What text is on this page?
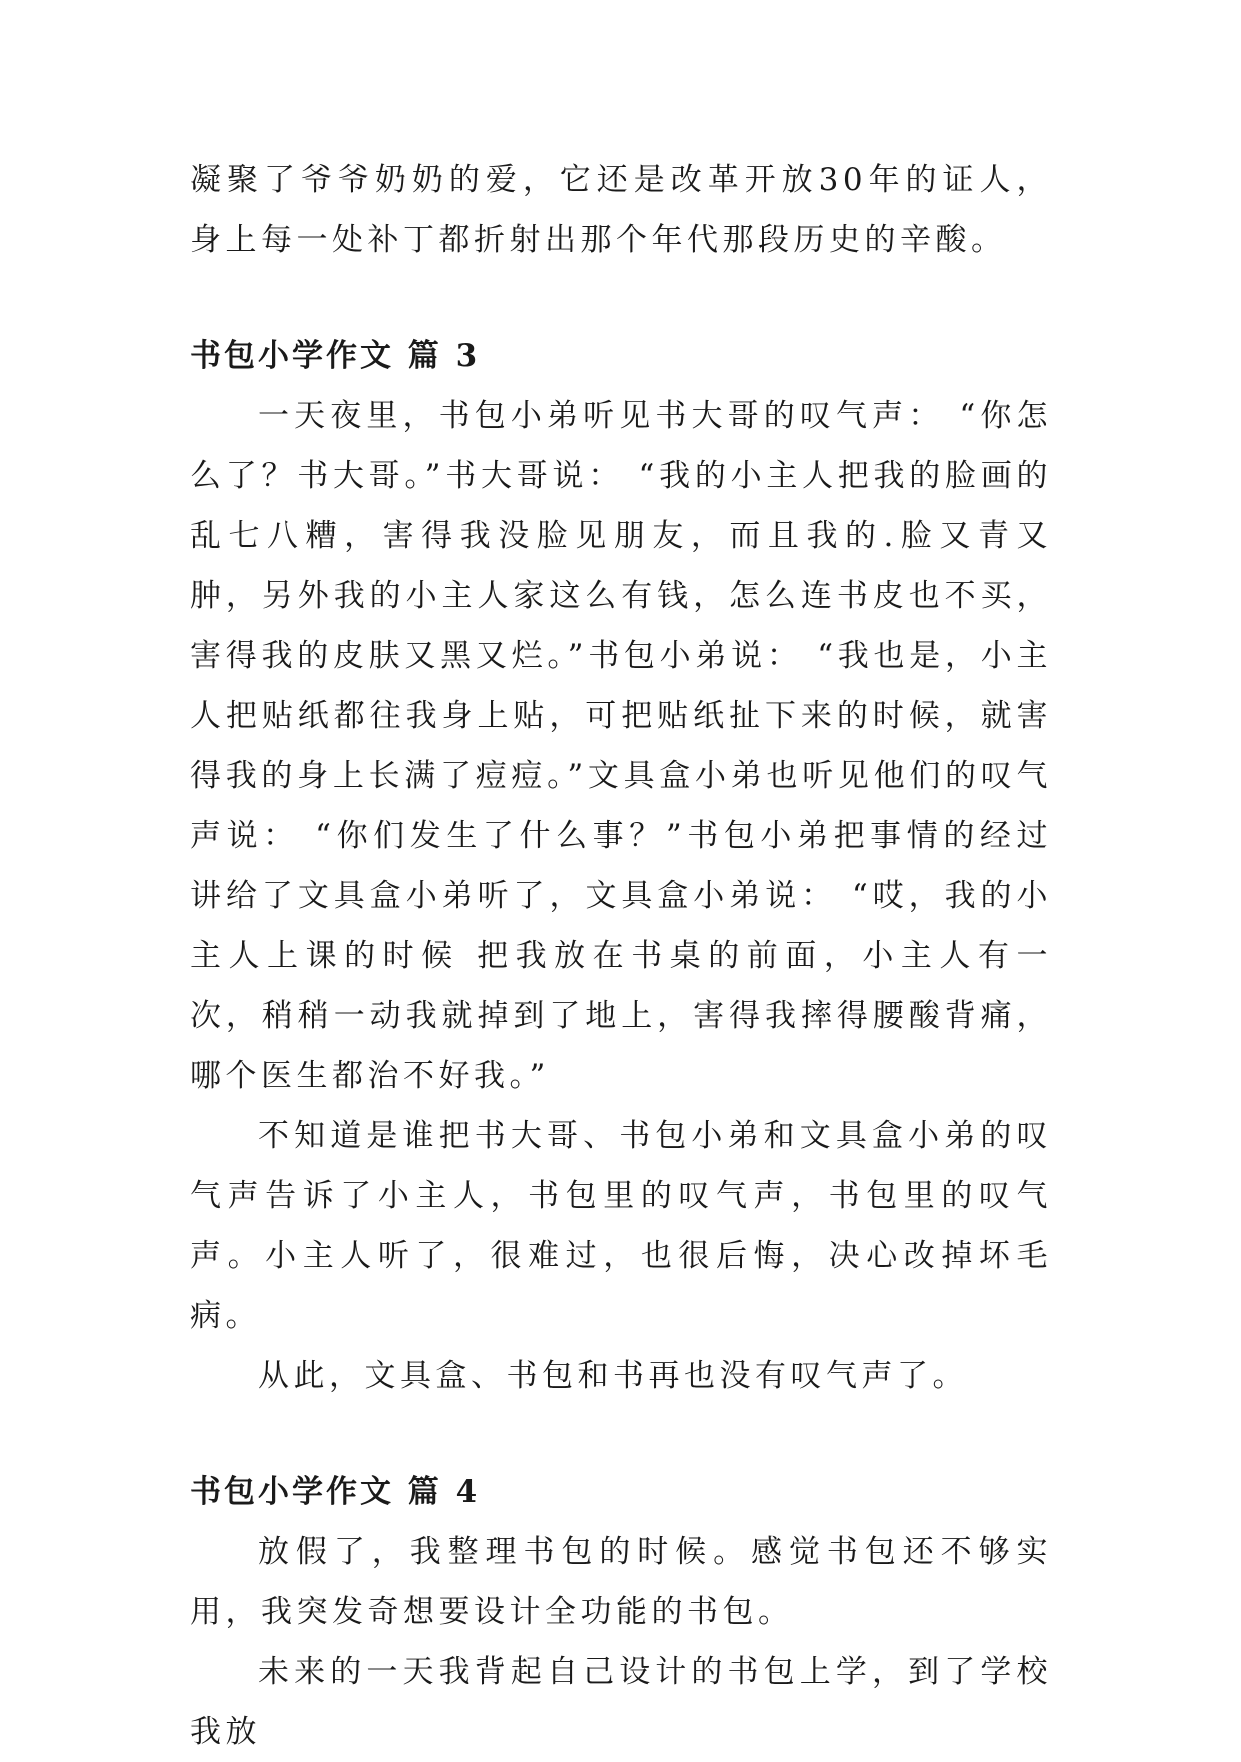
凝聚了爷爷奶奶的爱，它还是改革开放30年的证人，身上每一处补丁都折射出那个年代那段历史的辛酸。

书包小学作文 篇 3

一天夜里，书包小弟听见书大哥的叹气声： “你怎么了？书大哥。”书大哥说： “我的小主人把我的脸画的乱七八糟，害得我没脸见朋友，而且我的.脸又青又肿，另外我的小主人家这么有钱，怎么连书皮也不买，害得我的皮肤又黑又烂。”书包小弟说： “我也是，小主人把贴纸都往我身上贴，可把贴纸扯下来的时候，就害得我的身上长满了痘痘。”文具盒小弟也听见他们的叹气声说： “你们发生了什么事？”书包小弟把事情的经过讲给了文具盒小弟听了，文具盒小弟说： “哎，我的小主人上课的时候 把我放在书桌的前面，小主人有一次，稍稍一动我就掉到了地上，害得我摔得腰酸背痛，哪个医生都治不好我。”

不知道是谁把书大哥、书包小弟和文具盒小弟的叹气声告诉了小主人，书包里的叹气声，书包里的叹气声。小主人听了，很难过，也很后悔，决心改掉坏毛病。

从此，文具盒、书包和书再也没有叹气声了。

书包小学作文 篇 4

放假了，我整理书包的时候。感觉书包还不够实用，我突发奇想要设计全功能的书包。

未来的一天我背起自己设计的书包上学，到了学校我放
